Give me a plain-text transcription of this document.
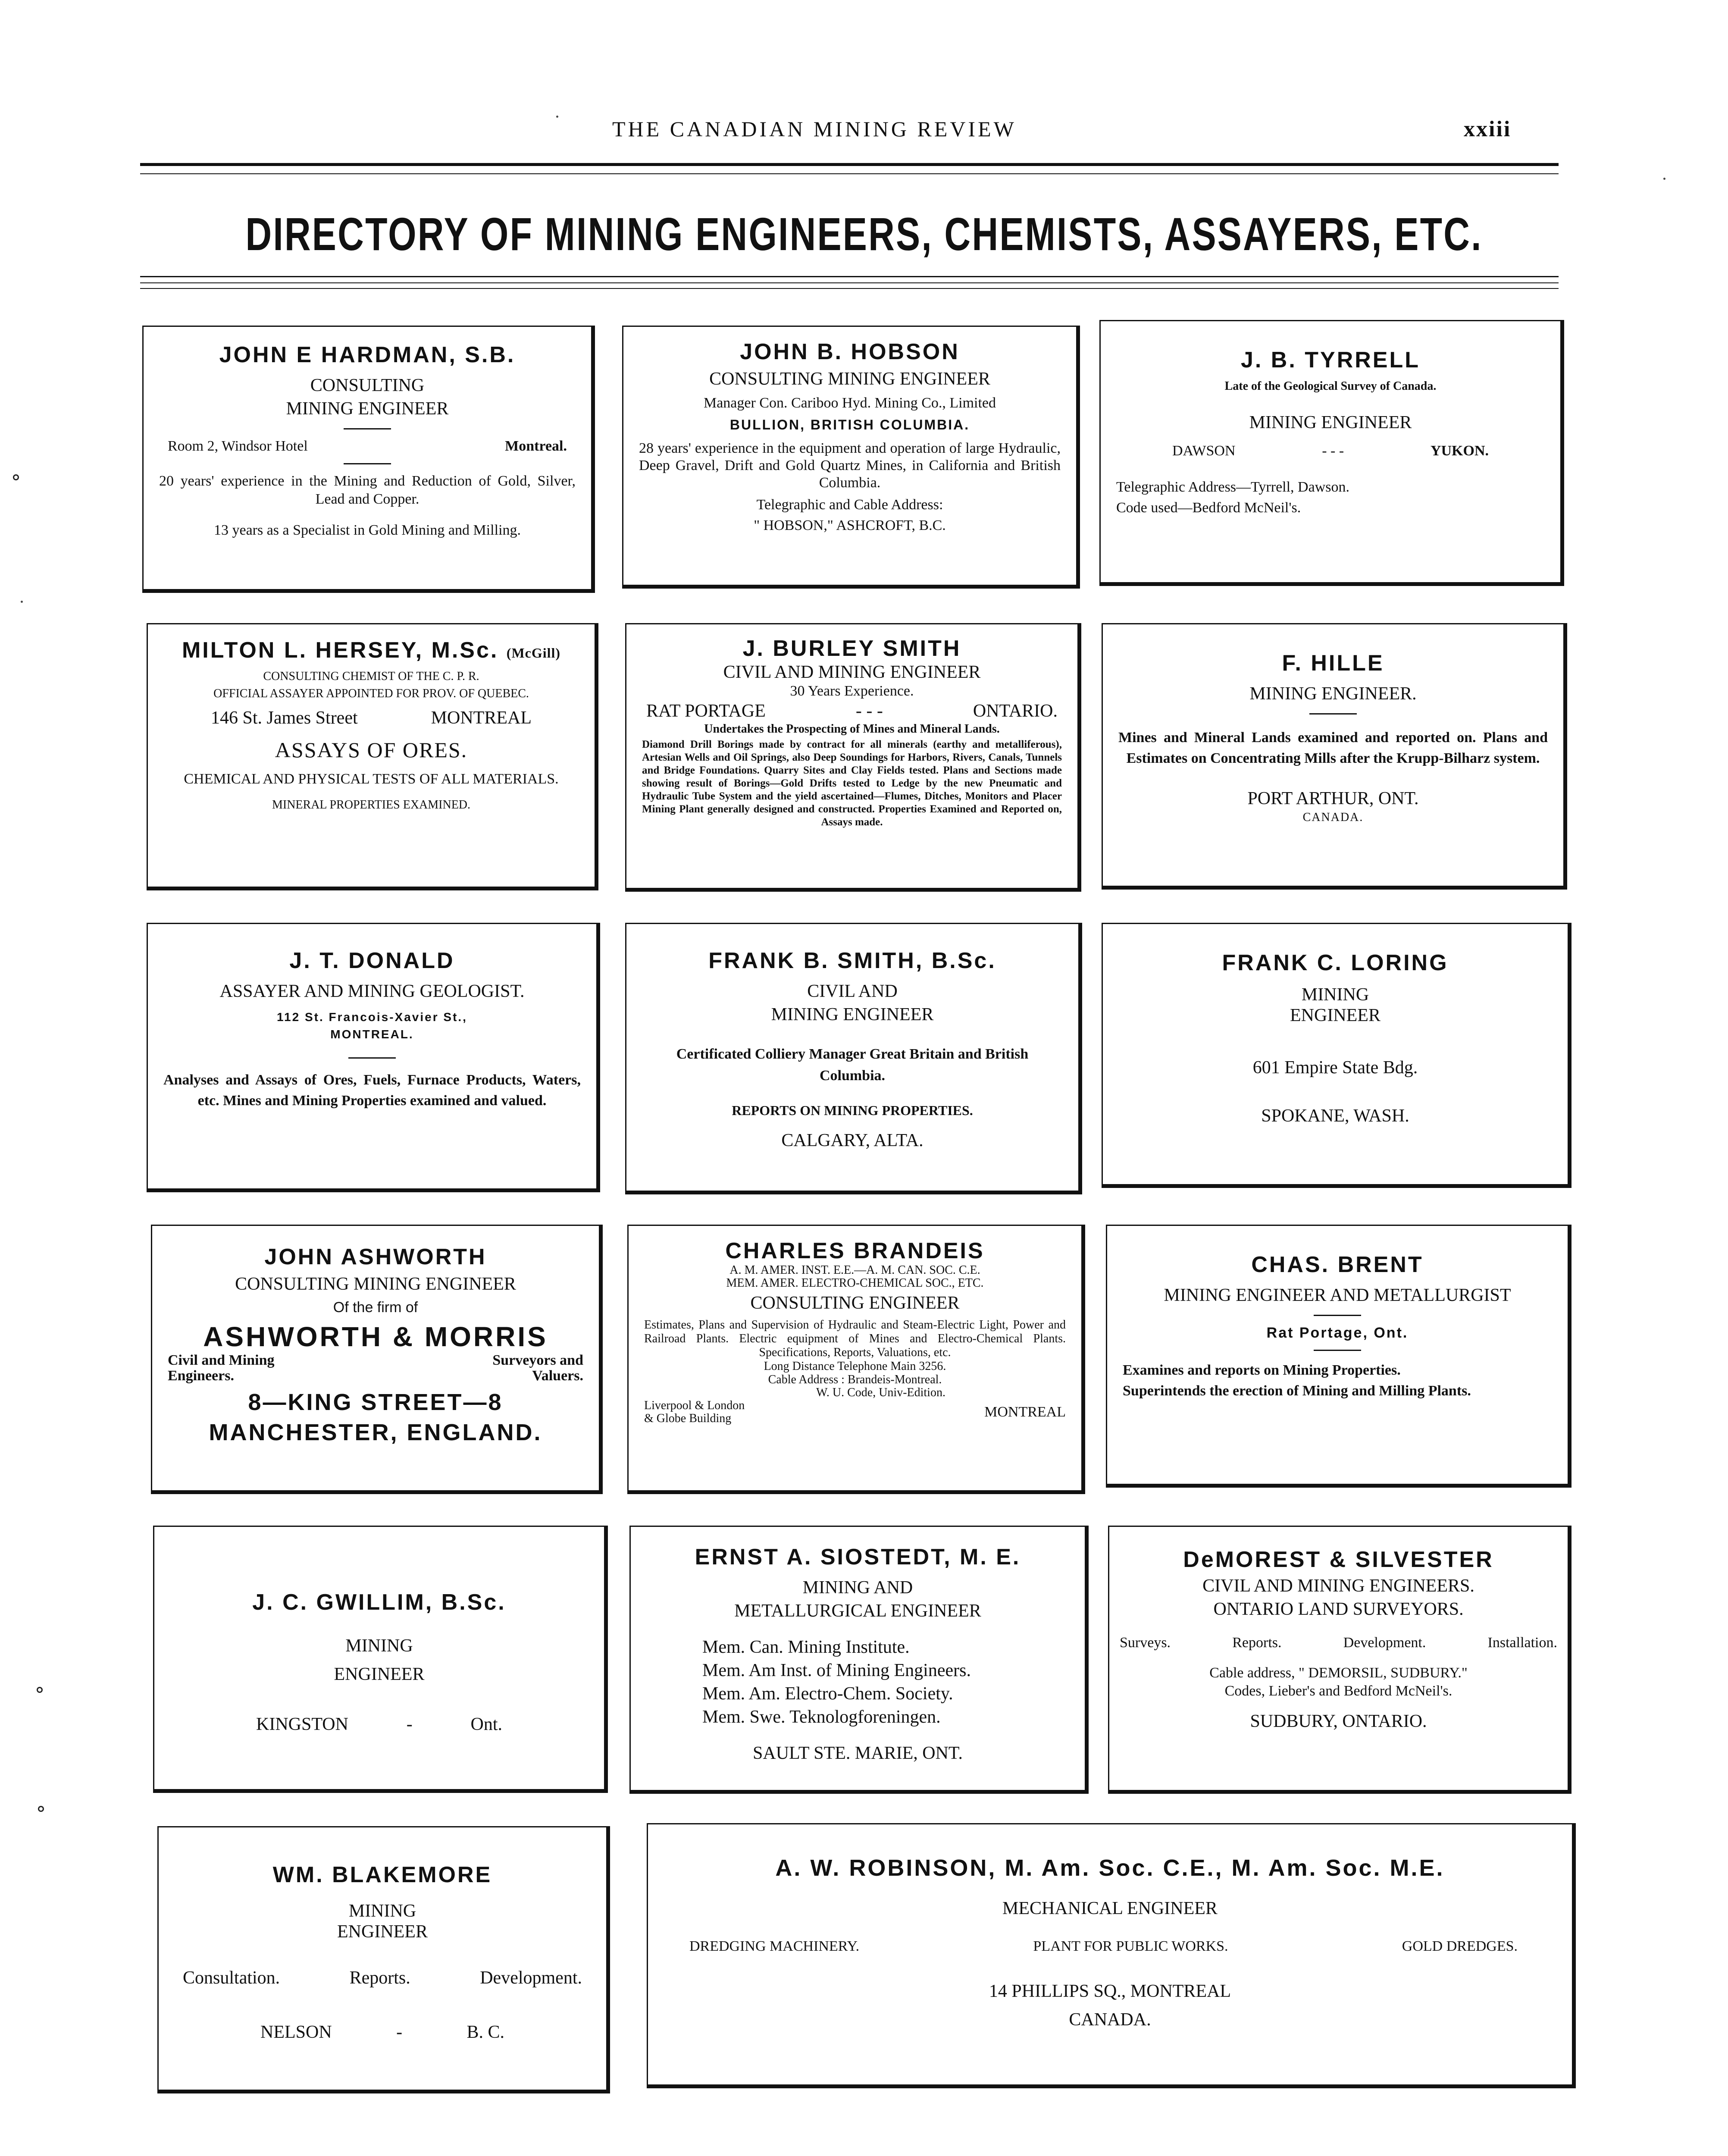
THE CANADIAN MINING REVIEW	xxiii
DIRECTORY OF MINING ENGINEERS, CHEMISTS, ASSAYERS, ETC.
JOHN E HARDMAN, S.B.
CONSULTING
MINING ENGINEER
Room 2, Windsor Hotel	Montreal.
20 years' experience in the Mining and Reduction of Gold, Silver, Lead and Copper.
13 years as a Specialist in Gold Mining and Milling.
JOHN B. HOBSON
CONSULTING MINING ENGINEER
Manager Con. Cariboo Hyd. Mining Co., Limited
BULLION, BRITISH COLUMBIA.
28 years' experience in the equipment and operation of large Hydraulic, Deep Gravel, Drift and Gold Quartz Mines, in California and British Columbia.
Telegraphic and Cable Address:
" HOBSON," ASHCROFT, B.C.
J. B. TYRRELL
Late of the Geological Survey of Canada.
MINING ENGINEER
DAWSON	- - -	YUKON.
Telegraphic Address—Tyrrell, Dawson.
Code used—Bedford McNeil's.
MILTON L. HERSEY, M.Sc. (McGill)
CONSULTING CHEMIST OF THE C. P. R.
OFFICIAL ASSAYER APPOINTED FOR PROV. OF QUEBEC.
146 St. James Street	MONTREAL
ASSAYS OF ORES.
CHEMICAL AND PHYSICAL TESTS OF ALL MATERIALS.
MINERAL PROPERTIES EXAMINED.
J. BURLEY SMITH
CIVIL AND MINING ENGINEER
30 Years Experience.
RAT PORTAGE	- - -	ONTARIO.
Undertakes the Prospecting of Mines and Mineral Lands.
Diamond Drill Borings made by contract for all minerals (earthy and metalliferous), Artesian Wells and Oil Springs, also Deep Soundings for Harbors, Rivers, Canals, Tunnels and Bridge Foundations. Quarry Sites and Clay Fields tested. Plans and Sections made showing result of Borings—Gold Drifts tested to Ledge by the new Pneumatic and Hydraulic Tube System and the yield ascertained—Flumes, Ditches, Monitors and Placer Mining Plant generally designed and constructed. Properties Examined and Reported on, Assays made.
F. HILLE
MINING ENGINEER.
Mines and Mineral Lands examined and reported on. Plans and Estimates on Concentrating Mills after the Krupp-Bilharz system.
PORT ARTHUR, ONT.
CANADA.
J. T. DONALD
ASSAYER AND MINING GEOLOGIST.
112 St. Francois-Xavier St.,
MONTREAL.
Analyses and Assays of Ores, Fuels, Furnace Products, Waters, etc. Mines and Mining Properties examined and valued.
FRANK B. SMITH, B.Sc.
CIVIL AND
MINING ENGINEER
Certificated Colliery Manager Great Britain and British Columbia.
REPORTS ON MINING PROPERTIES.
CALGARY, ALTA.
FRANK C. LORING
MINING
ENGINEER
601 Empire State Bdg.
SPOKANE, WASH.
JOHN ASHWORTH
CONSULTING MINING ENGINEER
Of the firm of
ASHWORTH & MORRIS
Civil and Mining
Engineers.
Surveyors and
Valuers.
8—KING STREET—8
MANCHESTER, ENGLAND.
CHARLES BRANDEIS
A. M. AMER. INST. E.E.—A. M. CAN. SOC. C.E.
MEM. AMER. ELECTRO-CHEMICAL SOC., ETC.
CONSULTING ENGINEER
Estimates, Plans and Supervision of Hydraulic and Steam-Electric Light, Power and Railroad Plants. Electric equipment of Mines and Electro-Chemical Plants. Specifications, Reports, Valuations, etc.
Long Distance Telephone Main 3256.
Cable Address : Brandeis-Montreal.
W. U. Code, Univ-Edition.
Liverpool & London
& Globe Building	MONTREAL
CHAS. BRENT
MINING ENGINEER AND METALLURGIST
Rat Portage, Ont.
Examines and reports on Mining Properties.
Superintends the erection of Mining and Milling Plants.
J. C. GWILLIM, B.Sc.
MINING
ENGINEER
KINGSTON	-	Ont.
ERNST A. SIOSTEDT, M. E.
MINING AND
METALLURGICAL ENGINEER
Mem. Can. Mining Institute.
Mem. Am Inst. of Mining Engineers.
Mem. Am. Electro-Chem. Society.
Mem. Swe. Teknologforeningen.
SAULT STE. MARIE, ONT.
DeMOREST & SILVESTER
CIVIL AND MINING ENGINEERS.
ONTARIO LAND SURVEYORS.
Surveys.	Reports.	Development.	Installation.
Cable address, " DEMORSIL, SUDBURY."
Codes, Lieber's and Bedford McNeil's.
SUDBURY, ONTARIO.
WM. BLAKEMORE
MINING
ENGINEER
Consultation.	Reports.	Development.
NELSON	-	B. C.
A. W. ROBINSON, M. Am. Soc. C.E., M. Am. Soc. M.E.
MECHANICAL ENGINEER
DREDGING MACHINERY.	PLANT FOR PUBLIC WORKS.	GOLD DREDGES.
14 PHILLIPS SQ., MONTREAL
CANADA.
